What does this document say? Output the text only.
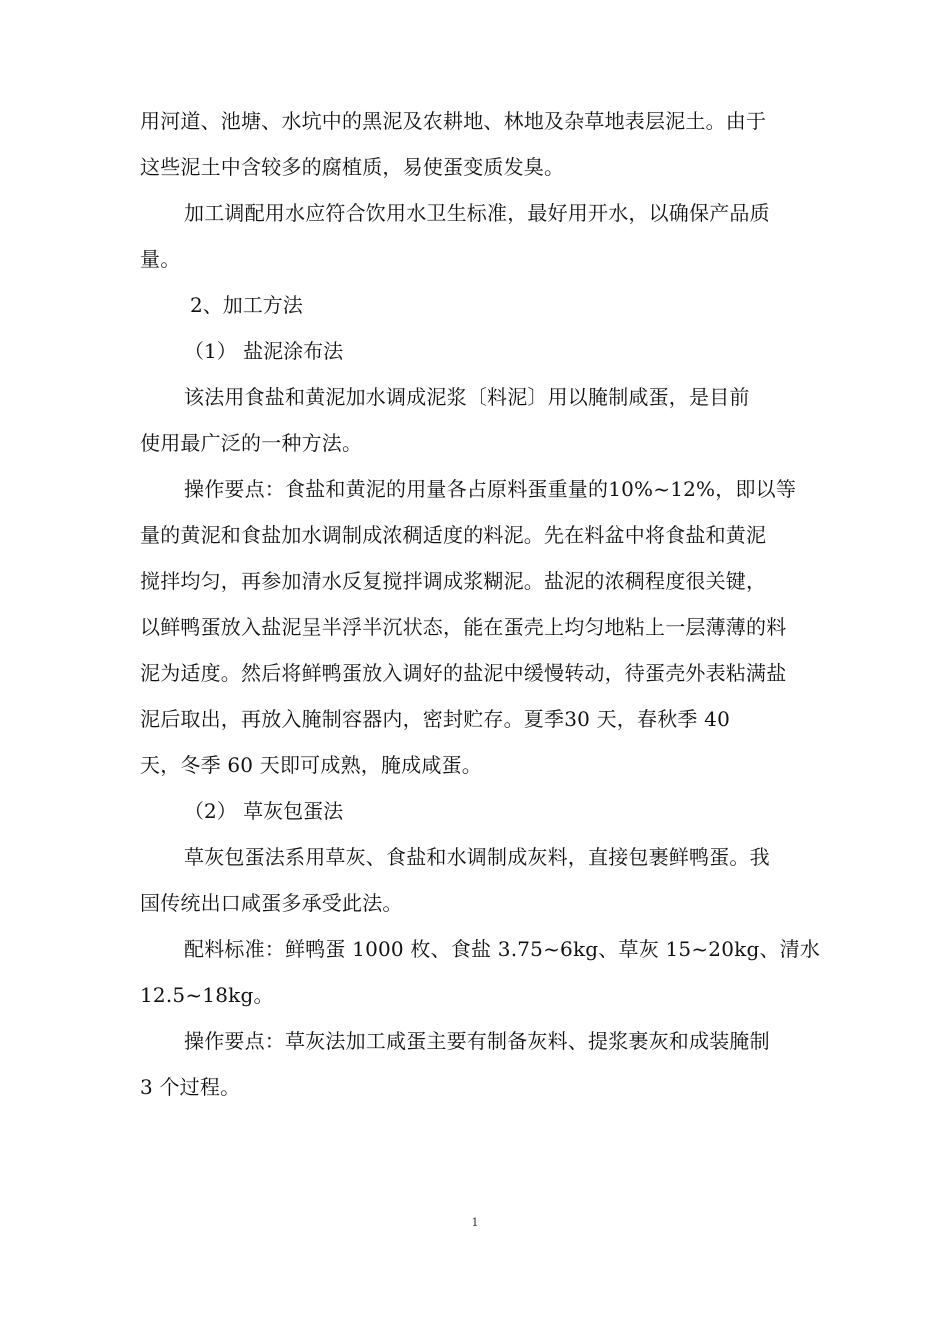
用河道、池塘、水坑中的黑泥及农耕地、林地及杂草地表层泥土。由于
这些泥土中含较多的腐植质，易使蛋变质发臭。

加工调配用水应符合饮用水卫生标准，最好用开水，以确保产品质
量。

2、加工方法

（1） 盐泥涂布法

该法用食盐和黄泥加水调成泥浆〔料泥〕用以腌制咸蛋，是目前
使用最广泛的一种方法。

操作要点：食盐和黄泥的用量各占原料蛋重量的10%~12%，即以等
量的黄泥和食盐加水调制成浓稠适度的料泥。先在料盆中将食盐和黄泥
搅拌均匀，再参加清水反复搅拌调成浆糊泥。盐泥的浓稠程度很关键，
以鲜鸭蛋放入盐泥呈半浮半沉状态，能在蛋壳上均匀地粘上一层薄薄的料
泥为适度。然后将鲜鸭蛋放入调好的盐泥中缓慢转动，待蛋壳外表粘满盐
泥后取出，再放入腌制容器内，密封贮存。夏季30 天，春秋季 40
天，冬季 60 天即可成熟，腌成咸蛋。

（2） 草灰包蛋法

草灰包蛋法系用草灰、食盐和水调制成灰料，直接包裹鲜鸭蛋。我
国传统出口咸蛋多承受此法。

配料标准：鲜鸭蛋 1000 枚、食盐 3.75~6kg、草灰 15~20kg、清水
12.5~18kg。

操作要点：草灰法加工咸蛋主要有制备灰料、提浆裹灰和成装腌制
3 个过程。

1
